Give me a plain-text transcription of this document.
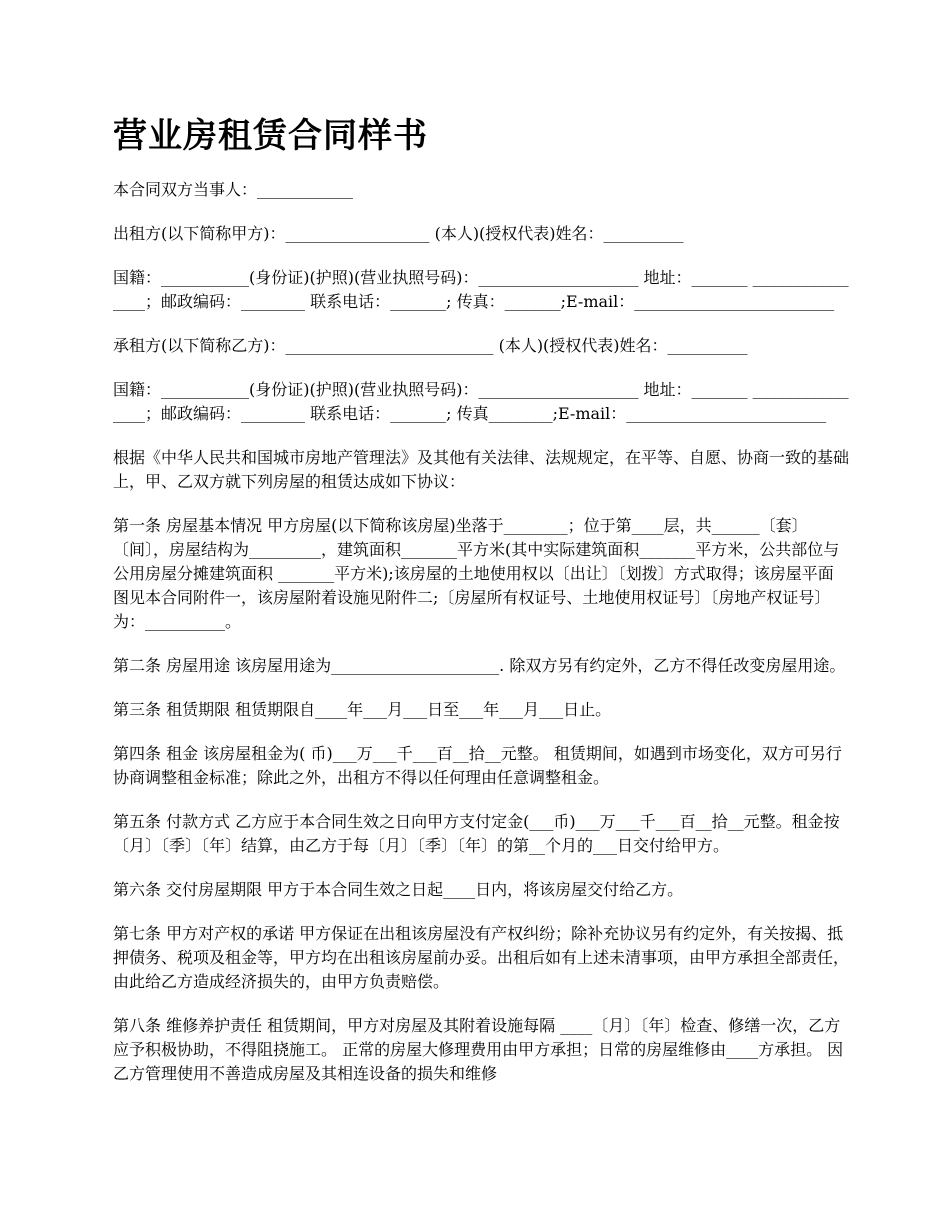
营业房租赁合同样书

本合同双方当事人：____________

出租方(以下简称甲方)：__________________ (本人)(授权代表)姓名：__________

国籍：___________(身份证)(护照)(营业执照号码)：____________________ 地址：_______ ________________；邮政编码：________ 联系电话：_______; 传真：_______;E-mail：_________________________

承租方(以下简称乙方)：__________________________ (本人)(授权代表)姓名：__________

国籍：___________(身份证)(护照)(营业执照号码)：____________________ 地址：_______ ________________；邮政编码：________ 联系电话：_______; 传真________;E-mail：_________________________

根据《中华人民共和国城市房地产管理法》及其他有关法律、法规规定，在平等、自愿、协商一致的基础上，甲、乙双方就下列房屋的租赁达成如下协议：

第一条 房屋基本情况 甲方房屋(以下简称该房屋)坐落于________；位于第____层，共______〔套〕〔间〕，房屋结构为_________，建筑面积_______平方米(其中实际建筑面积_______平方米，公共部位与公用房屋分摊建筑面积 _______平方米);该房屋的土地使用权以〔出让〕〔划拨〕方式取得；该房屋平面图见本合同附件一，该房屋附着设施见附件二;〔房屋所有权证号、土地使用权证号〕〔房地产权证号〕为：__________。

第二条 房屋用途 该房屋用途为_____________________. 除双方另有约定外，乙方不得任改变房屋用途。

第三条 租赁期限 租赁期限自____年___月___日至___年___月___日止。

第四条 租金 该房屋租金为( 币)___万___千___百__拾__元整。 租赁期间，如遇到市场变化，双方可另行协商调整租金标准；除此之外，出租方不得以任何理由任意调整租金。

第五条 付款方式 乙方应于本合同生效之日向甲方支付定金(___币)___万___千___百__拾__元整。租金按〔月〕〔季〕〔年〕结算，由乙方于每〔月〕〔季〕〔年〕的第__个月的___日交付给甲方。

第六条 交付房屋期限 甲方于本合同生效之日起____日内，将该房屋交付给乙方。

第七条 甲方对产权的承诺 甲方保证在出租该房屋没有产权纠纷；除补充协议另有约定外，有关按揭、抵押债务、税项及租金等，甲方均在出租该房屋前办妥。出租后如有上述未清事项，由甲方承担全部责任，由此给乙方造成经济损失的，由甲方负责赔偿。

第八条 维修养护责任 租赁期间，甲方对房屋及其附着设施每隔 ____〔月〕〔年〕检查、修缮一次，乙方应予积极协助，不得阻挠施工。 正常的房屋大修理费用由甲方承担；日常的房屋维修由____方承担。 因乙方管理使用不善造成房屋及其相连设备的损失和维修
